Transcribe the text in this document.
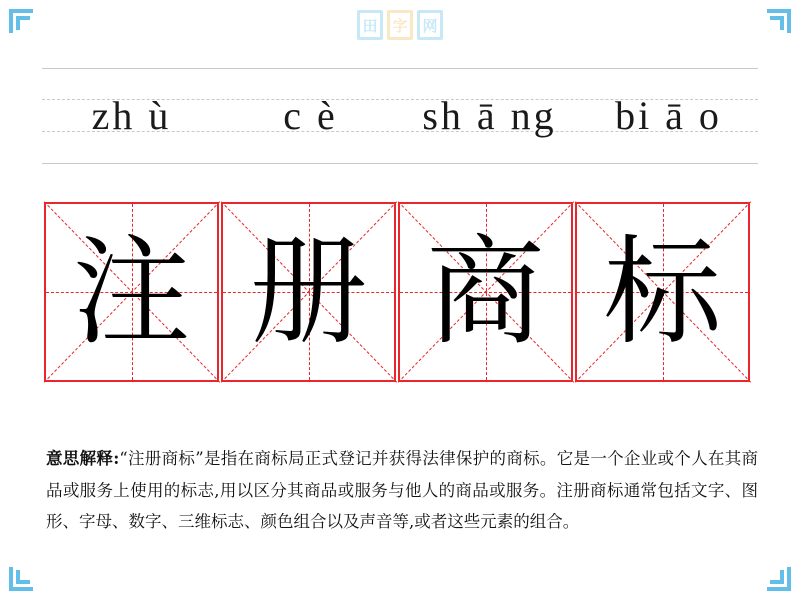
田 字 网
zh ù	c è	sh ā ng	bi ā o
注 册 商 标
意思解释:“注册商标”是指在商标局正式登记并获得法律保护的商标。它是一个企业或个人在其商品或服务上使用的标志,用以区分其商品或服务与他人的商品或服务。注册商标通常包括文字、图形、字母、数字、三维标志、颜色组合以及声音等,或者这些元素的组合。
